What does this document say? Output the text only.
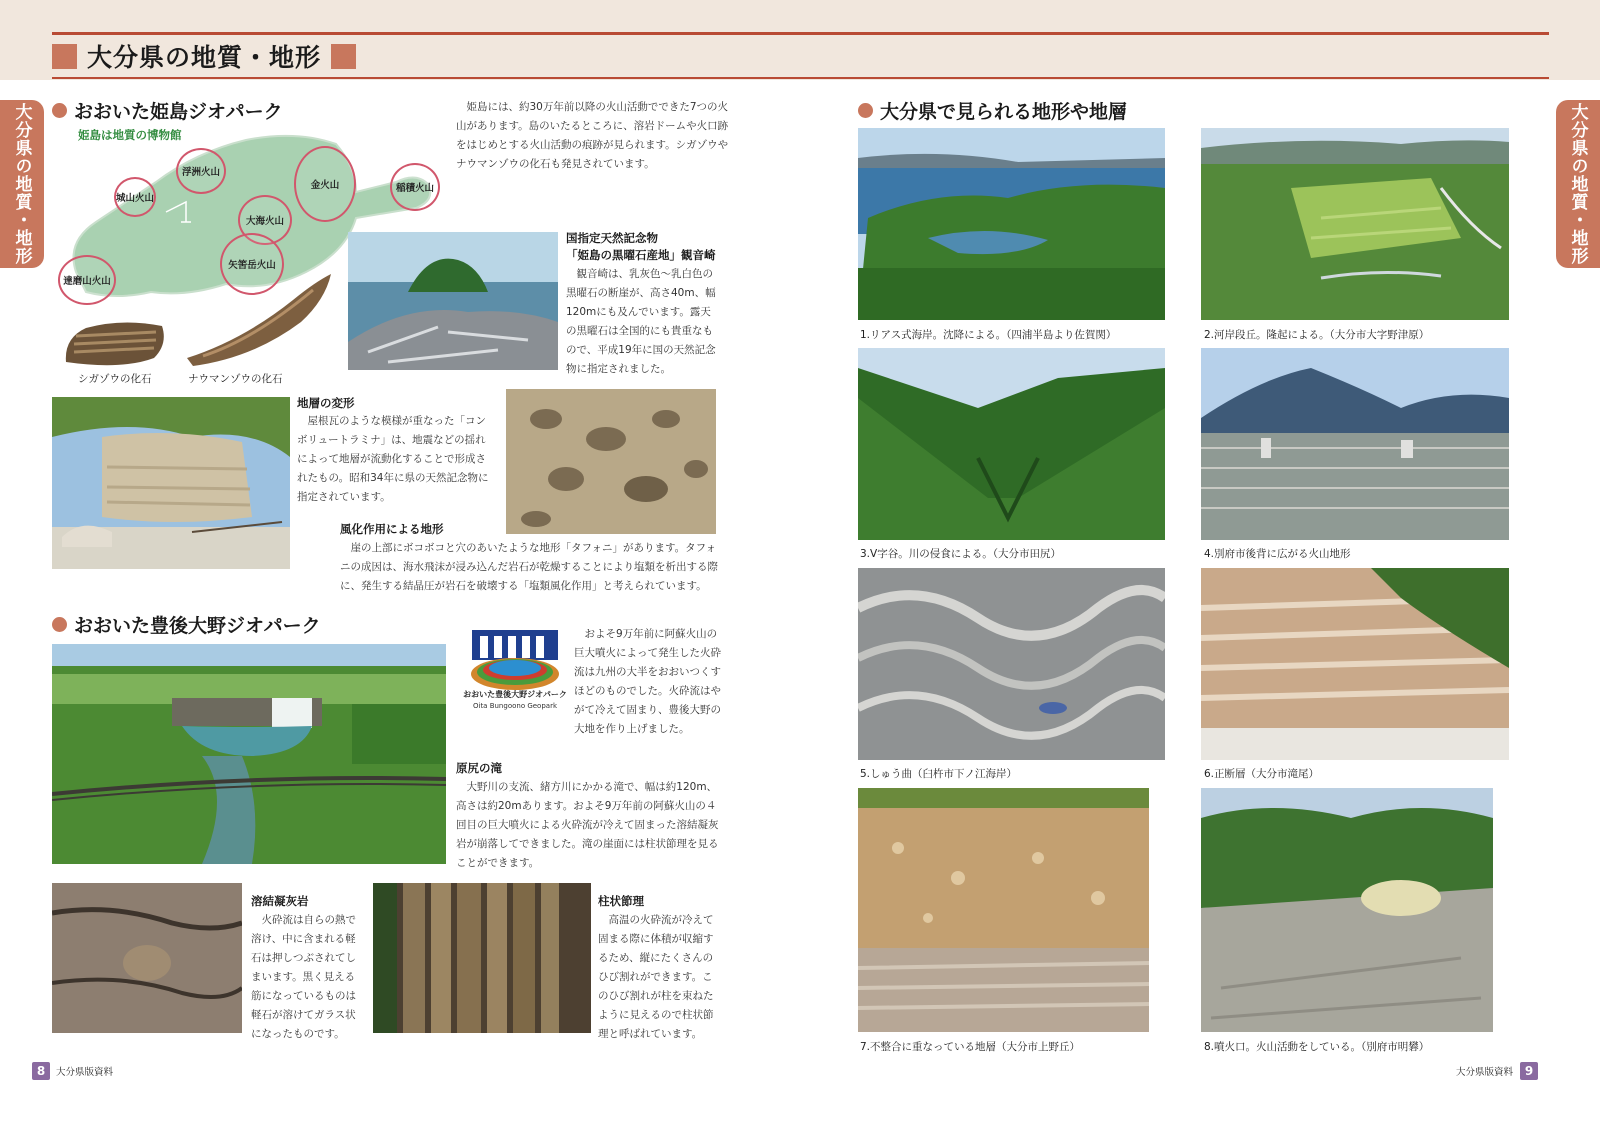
大分県の地質・地形
大分県の地質・地形	大分県の地質・地形
おおいた姫島ジオパーク
姫島は地質の博物館
浮洲火山
城山火山
金火山	稲積火山
大海火山
矢筈岳火山
達磨山火山
姫島には、約30万年前以降の火山活動でできた7つの火山があります。島のいたるところに、溶岩ドームや火口跡をはじめとする火山活動の痕跡が見られます。シガゾウやナウマンゾウの化石も発見されています。
シガゾウの化石	ナウマンゾウの化石
国指定天然記念物
「姫島の黒曜石産地」観音崎
観音崎は、乳灰色〜乳白色の黒曜石の断崖が、高さ40m、幅120mにも及んでいます。露天の黒曜石は全国的にも貴重なもので、平成19年に国の天然記念物に指定されました。
地層の変形
屋根瓦のような模様が重なった「コンボリュートラミナ」は、地震などの揺れによって地層が流動化することで形成されたもの。昭和34年に県の天然記念物に指定されています。
風化作用による地形
崖の上部にボコボコと穴のあいたような地形「タフォニ」があります。タフォニの成因は、海水飛沫が浸み込んだ岩石が乾燥することにより塩類を析出する際に、発生する結晶圧が岩石を破壊する「塩類風化作用」と考えられています。
おおいた豊後大野ジオパーク
おおいた豊後大野ジオパーク
Oita Bungoono Geopark
およそ9万年前に阿蘇火山の巨大噴火によって発生した火砕流は九州の大半をおおいつくすほどのものでした。火砕流はやがて冷えて固まり、豊後大野の大地を作り上げました。
原尻の滝
大野川の支流、緒方川にかかる滝で、幅は約120m、高さは約20mあります。およそ9万年前の阿蘇火山の４回目の巨大噴火による火砕流が冷えて固まった溶結凝灰岩が崩落してできました。滝の崖面には柱状節理を見ることができます。
溶結凝灰岩
火砕流は自らの熱で溶け、中に含まれる軽石は押しつぶされてしまいます。黒く見える筋になっているものは軽石が溶けてガラス状になったものです。
柱状節理
高温の火砕流が冷えて固まる際に体積が収縮するため、縦にたくさんのひび割れができます。このひび割れが柱を束ねたように見えるので柱状節理と呼ばれています。
8	大分県版資料
大分県で見られる地形や地層
1.リアス式海岸。沈降による。（四浦半島より佐賀関）	2.河岸段丘。隆起による。（大分市大字野津原）
3.V字谷。川の侵食による。（大分市田尻）	4.別府市後背に広がる火山地形
5.しゅう曲（臼杵市下ノ江海岸）	6.正断層（大分市滝尾）
7.不整合に重なっている地層（大分市上野丘）	8.噴火口。火山活動をしている。（別府市明礬）
大分県版資料 9
